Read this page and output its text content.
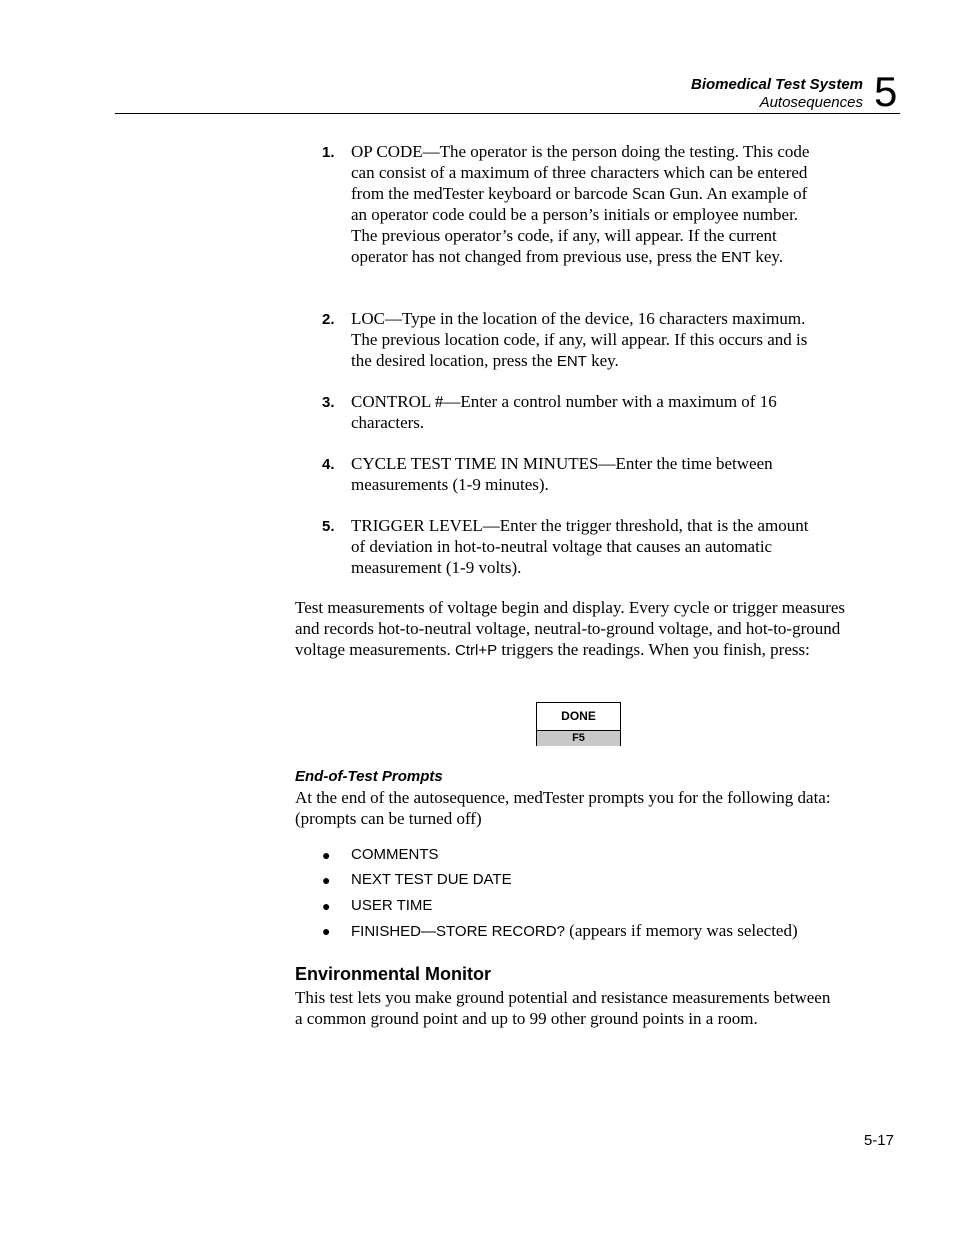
Biomedical Test System
Autosequences 5
1. OP CODE—The operator is the person doing the testing. This code can consist of a maximum of three characters which can be entered from the medTester keyboard or barcode Scan Gun. An example of an operator code could be a person’s initials or employee number. The previous operator’s code, if any, will appear. If the current operator has not changed from previous use, press the ENT key.
2. LOC—Type in the location of the device, 16 characters maximum. The previous location code, if any, will appear. If this occurs and is the desired location, press the ENT key.
3. CONTROL #—Enter a control number with a maximum of 16 characters.
4. CYCLE TEST TIME IN MINUTES—Enter the time between measurements (1-9 minutes).
5. TRIGGER LEVEL—Enter the trigger threshold, that is the amount of deviation in hot-to-neutral voltage that causes an automatic measurement (1-9 volts).
Test measurements of voltage begin and display. Every cycle or trigger measures and records hot-to-neutral voltage, neutral-to-ground voltage, and hot-to-ground voltage measurements. Ctrl+P triggers the readings. When you finish, press:
DONE
F5
End-of-Test Prompts
At the end of the autosequence, medTester prompts you for the following data: (prompts can be turned off)
● COMMENTS
● NEXT TEST DUE DATE
● USER TIME
● FINISHED—STORE RECORD? (appears if memory was selected)
Environmental Monitor
This test lets you make ground potential and resistance measurements between a common ground point and up to 99 other ground points in a room.
5-17
